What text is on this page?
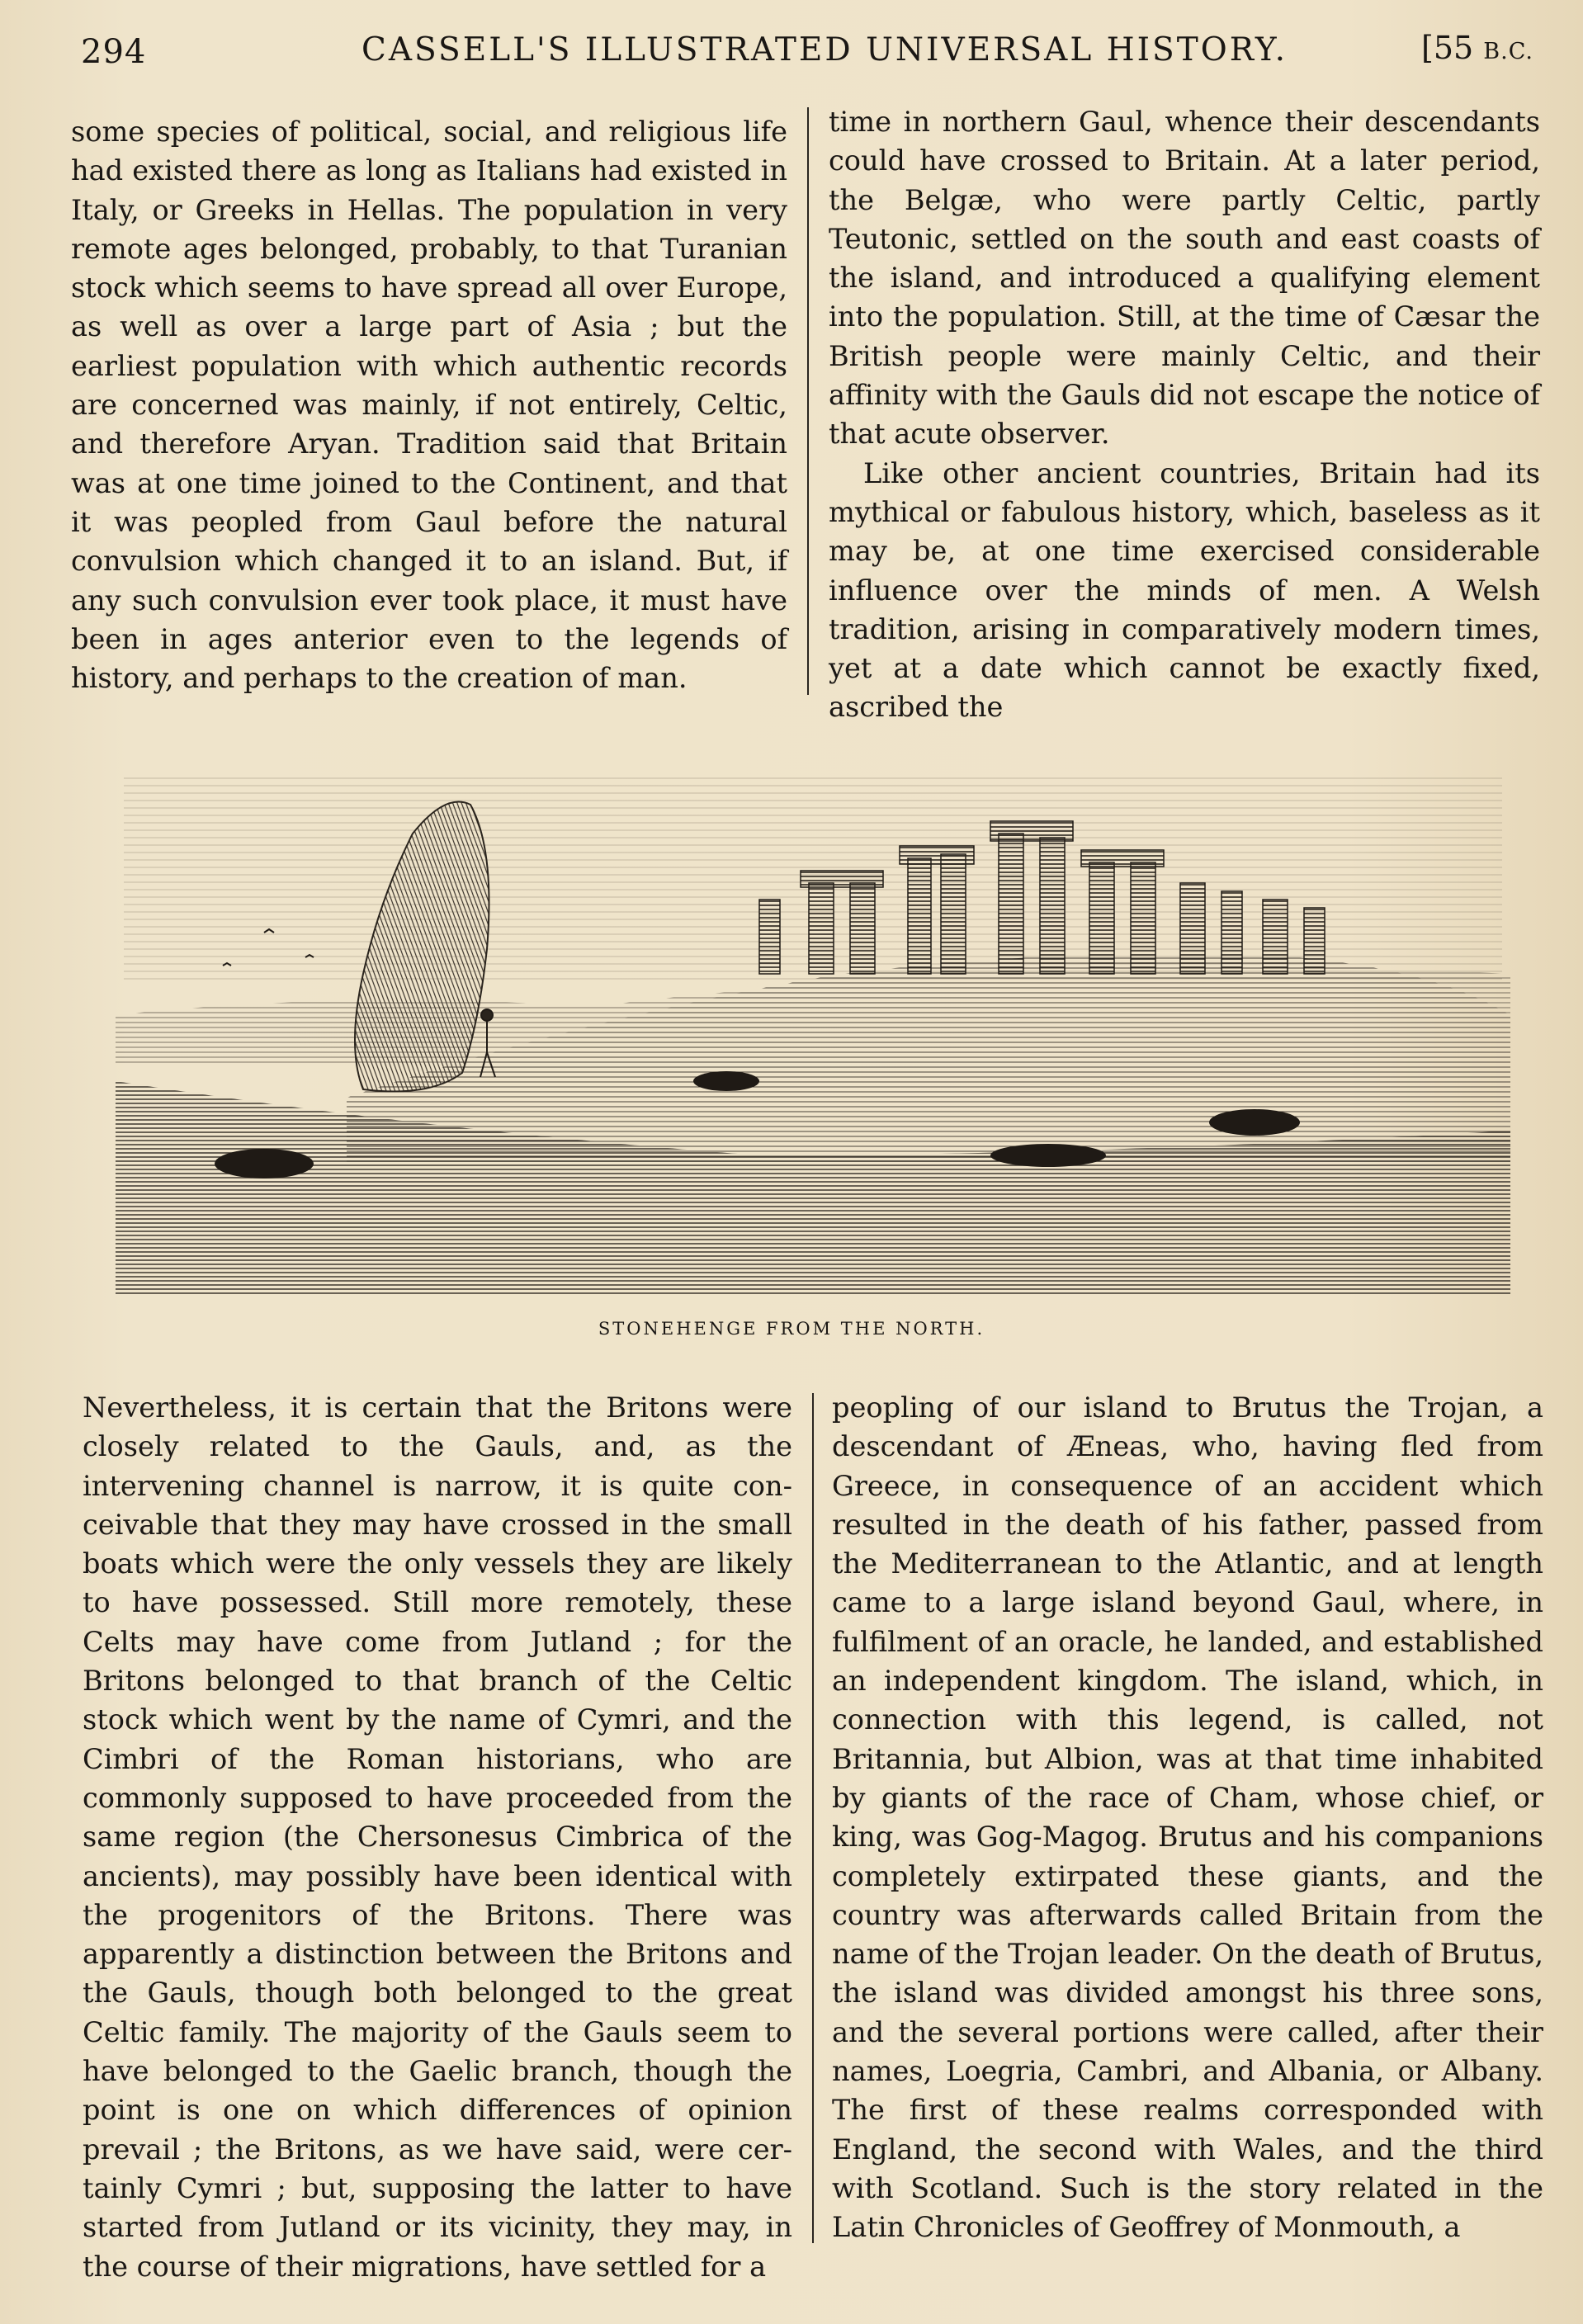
294	CASSELL'S ILLUSTRATED UNIVERSAL HISTORY.	[55 B.C.

some species of political, social, and religious life had existed there as long as Italians had existed in Italy, or Greeks in Hellas. The population in very remote ages belonged, probably, to that Turanian stock which seems to have spread all over Europe, as well as over a large part of Asia ; but the earliest population with which authentic records are concerned was mainly, if not entirely, Celtic, and therefore Aryan. Tradition said that Britain was at one time joined to the Continent, and that it was peopled from Gaul before the natural convulsion which changed it to an island. But, if any such convulsion ever took place, it must have been in ages anterior even to the legends of history, and perhaps to the creation of man.

time in northern Gaul, whence their descendants could have crossed to Britain. At a later period, the Belgæ, who were partly Celtic, partly Teutonic, settled on the south and east coasts of the island, and introduced a qualifying element into the population. Still, at the time of Cæsar the British people were mainly Celtic, and their affinity with the Gauls did not escape the notice of that acute observer.

Like other ancient countries, Britain had its mythical or fabulous history, which, baseless as it may be, at one time exercised considerable influence over the minds of men. A Welsh tradition, arising in comparatively modern times, yet at a date which cannot be exactly fixed, ascribed the

STONEHENGE FROM THE NORTH.

Nevertheless, it is certain that the Britons were closely related to the Gauls, and, as the intervening channel is narrow, it is quite conceivable that they may have crossed in the small boats which were the only vessels they are likely to have possessed. Still more remotely, these Celts may have come from Jutland ; for the Britons belonged to that branch of the Celtic stock which went by the name of Cymri, and the Cimbri of the Roman historians, who are commonly supposed to have proceeded from the same region (the Chersonesus Cimbrica of the ancients), may possibly have been identical with the progenitors of the Britons. There was apparently a distinction between the Britons and the Gauls, though both belonged to the great Celtic family. The majority of the Gauls seem to have belonged to the Gaelic branch, though the point is one on which differences of opinion prevail ; the Britons, as we have said, were certainly Cymri ; but, supposing the latter to have started from Jutland or its vicinity, they may, in the course of their migrations, have settled for a

peopling of our island to Brutus the Trojan, a descendant of Æneas, who, having fled from Greece, in consequence of an accident which resulted in the death of his father, passed from the Mediterranean to the Atlantic, and at length came to a large island beyond Gaul, where, in fulfilment of an oracle, he landed, and established an independent kingdom. The island, which, in connection with this legend, is called, not Britannia, but Albion, was at that time inhabited by giants of the race of Cham, whose chief, or king, was Gog-Magog. Brutus and his companions completely extirpated these giants, and the country was afterwards called Britain from the name of the Trojan leader. On the death of Brutus, the island was divided amongst his three sons, and the several portions were called, after their names, Loegria, Cambri, and Albania, or Albany. The first of these realms corresponded with England, the second with Wales, and the third with Scotland. Such is the story related in the Latin Chronicles of Geoffrey of Monmouth, a
